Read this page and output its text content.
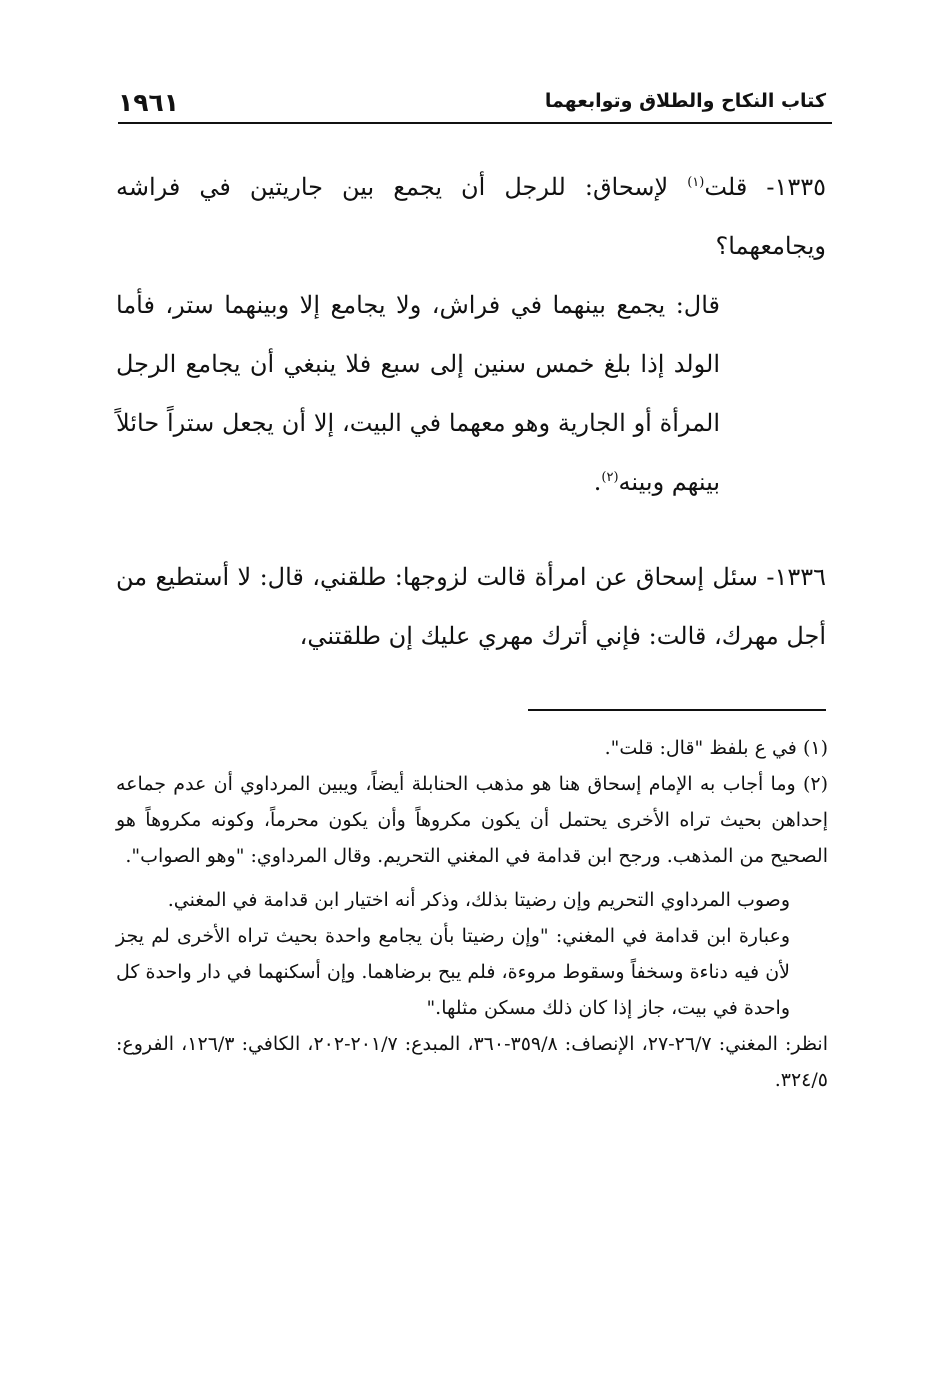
١٩٦١	كتاب النكاح والطلاق وتوابعهما

١٣٣٥- قلت$^{(١)}$ لإسحاق: للرجل أن يجمع بين جاريتين في فراشه ويجامعهما؟

قال: يجمع بينهما في فراش، ولا يجامع إلا وبينهما ستر، فأما الولد إذا بلغ خمس سنين إلى سبع فلا ينبغي أن يجامع الرجل المرأة أو الجارية وهو معهما في البيت، إلا أن يجعل ستراً حائلاً بينهم وبينه$^{(٢)}$.

١٣٣٦- سئل إسحاق عن امرأة قالت لزوجها: طلقني، قال: لا أستطيع من أجل مهرك، قالت: فإني أترك مهري عليك إن طلقتني،

(١) في ع بلفظ "قال: قلت".

(٢) وما أجاب به الإمام إسحاق هنا هو مذهب الحنابلة أيضاً، ويبين المرداوي أن عدم جماعه إحداهن بحيث تراه الأخرى يحتمل أن يكون مكروهاً وأن يكون محرماً، وكونه مكروهاً هو الصحيح من المذهب. ورجح ابن قدامة في المغني التحريم. وقال المرداوي: "وهو الصواب".

وصوب المرداوي التحريم وإن رضيتا بذلك، وذكر أنه اختيار ابن قدامة في المغني.

وعبارة ابن قدامة في المغني: "وإن رضيتا بأن يجامع واحدة بحيث تراه الأخرى لم يجز لأن فيه دناءة وسخفاً وسقوط مروءة، فلم يبح برضاهما. وإن أسكنهما في دار واحدة كل واحدة في بيت، جاز إذا كان ذلك مسكن مثلها."

انظر: المغني: ٢٦/٧-٢٧، الإنصاف: ٣٥٩/٨-٣٦٠، المبدع: ٢٠١/٧-٢٠٢، الكافي: ١٢٦/٣، الفروع: ٣٢٤/٥.
